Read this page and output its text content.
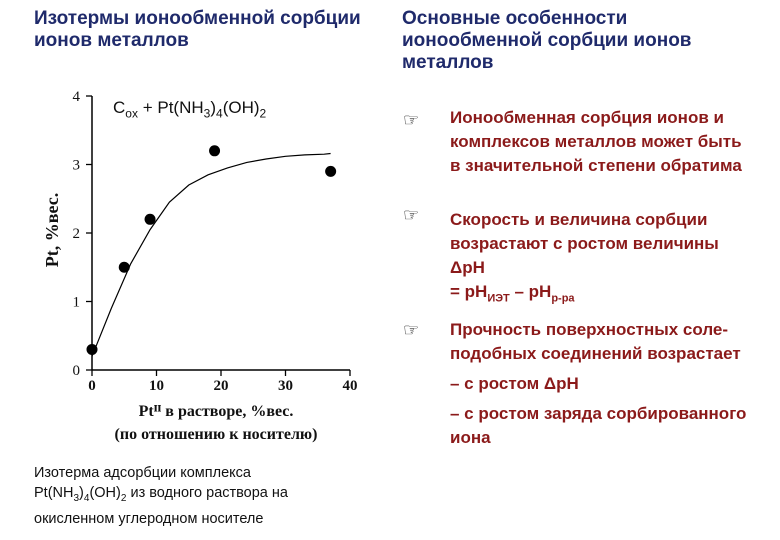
Изотермы ионообменной сорбции ионов металлов
Основные особенности ионообменной сорбции ионов металлов
$C_{ox} + Pt(NH_3)_4(OH)_2$
0	10	20	30	40
0
1
2
3
4
Pt, %вес.
Ptᴵᴵ в растворе, %вес.
(по отношению к носителю)
Изотерма адсорбции комплекса
$Pt(NH_3)_4(OH)_2$ из водного раствора на
окисленном углеродном носителе
☞ Ионообменная сорбция ионов и комплексов металлов может быть в значительной степени обратима
☞ Скорость и величина сорбции возрастают с ростом величины ΔpH
= $pH_{ИЭТ} - pH_{р-ра}$
☞ Прочность поверхностных соле-подобных соединений возрастает
– с ростом ΔpH
– с ростом заряда сорбированного иона
